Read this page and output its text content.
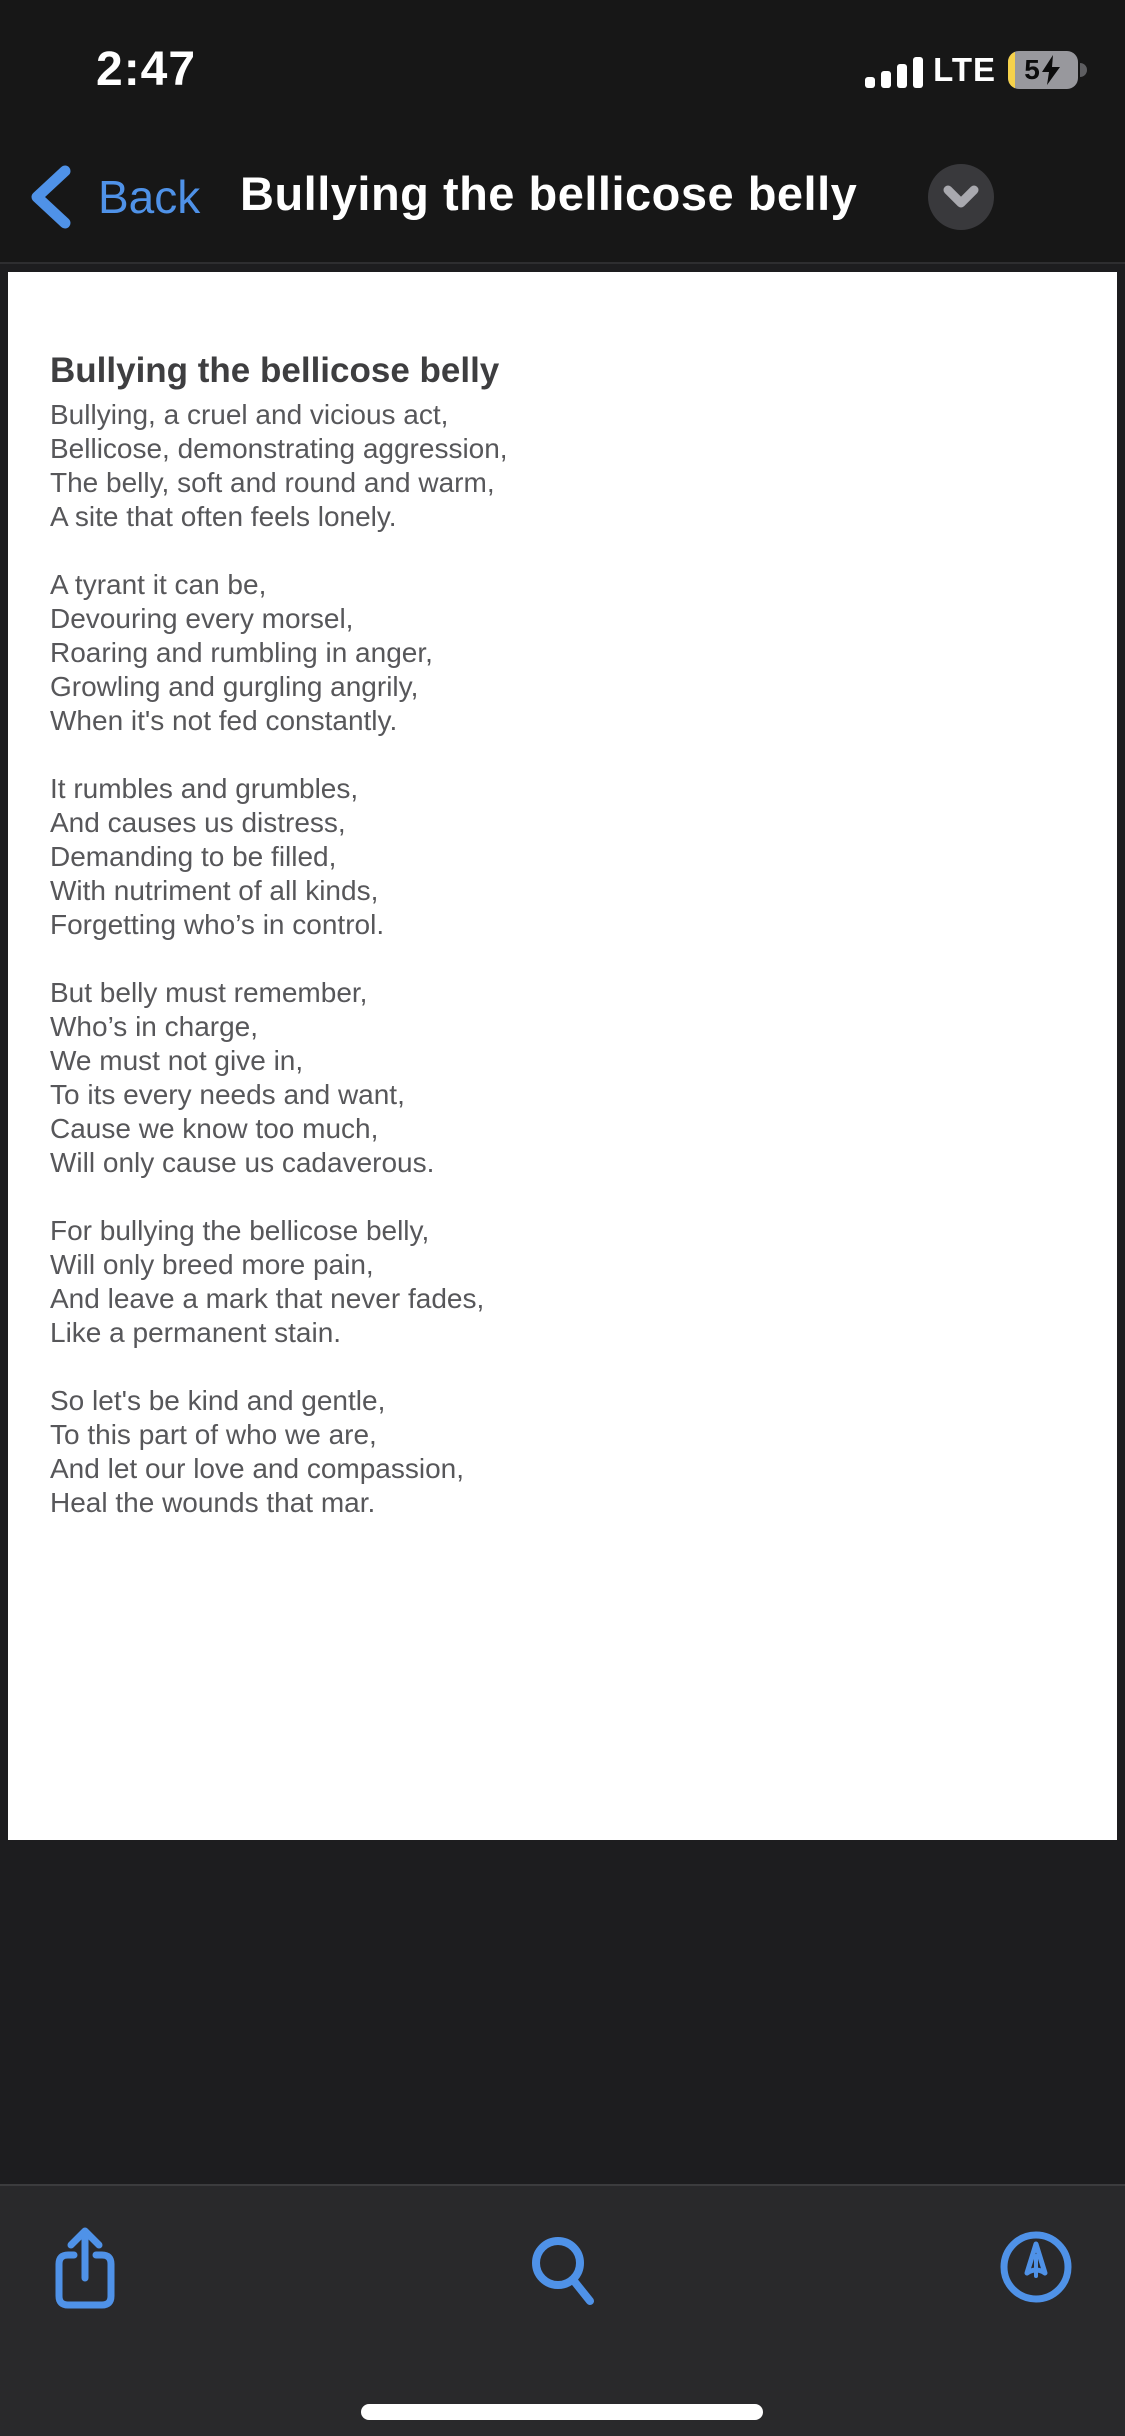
2:47	LTE 5
Back Bullying the bellicose belly
Bullying the bellicose belly

Bullying, a cruel and vicious act,

Bellicose, demonstrating aggression,

The belly, soft and round and warm,

A site that often feels lonely.

A tyrant it can be,

Devouring every morsel,

Roaring and rumbling in anger,

Growling and gurgling angrily,

When it's not fed constantly.

It rumbles and grumbles,

And causes us distress,

Demanding to be filled,

With nutriment of all kinds,

Forgetting who’s in control.

But belly must remember,

Who’s in charge,

We must not give in,

To its every needs and want,

Cause we know too much,

Will only cause us cadaverous.

For bullying the bellicose belly,

Will only breed more pain,

And leave a mark that never fades,

Like a permanent stain.

So let's be kind and gentle,

To this part of who we are,

And let our love and compassion,

Heal the wounds that mar.
